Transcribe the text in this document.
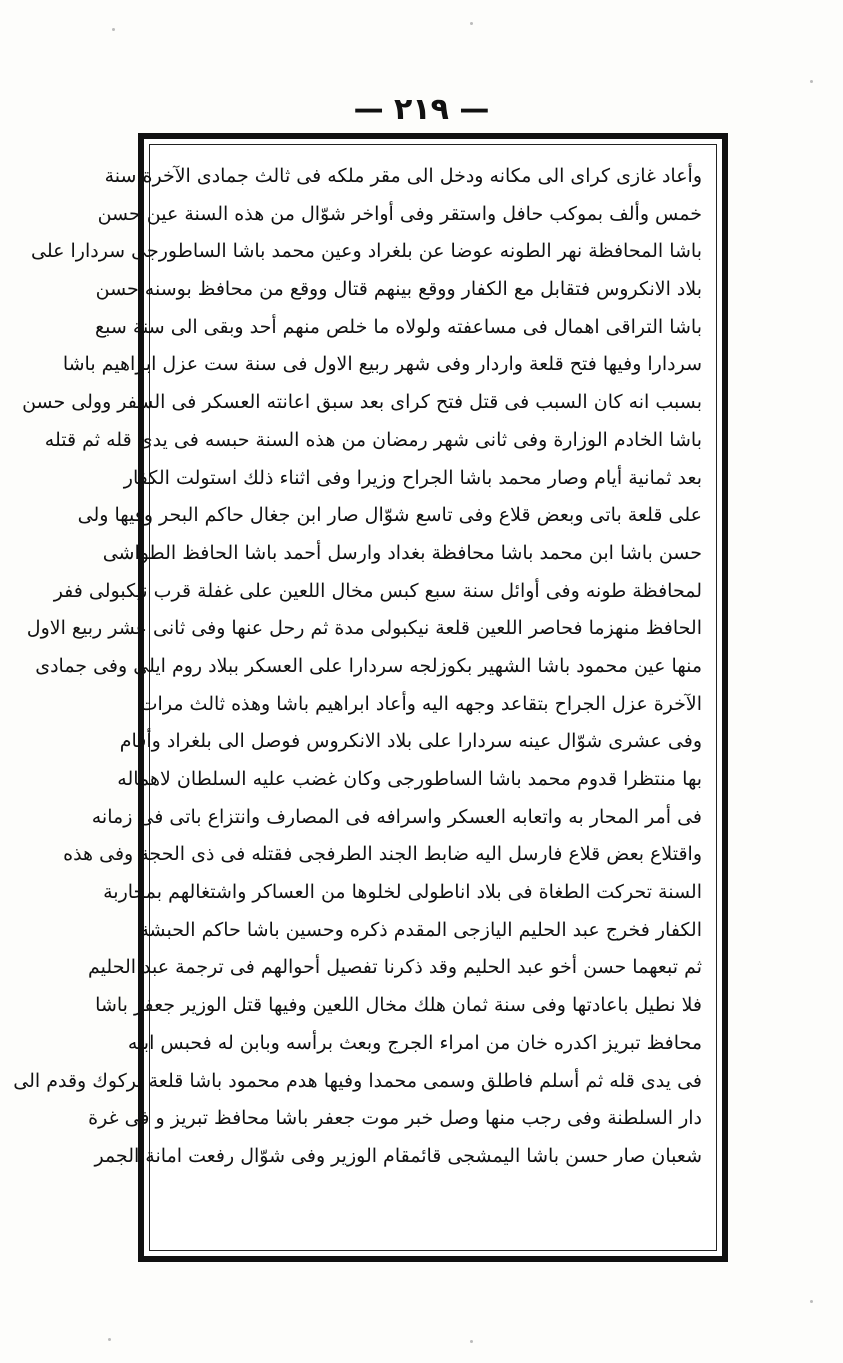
— ٢١٩ —
وأعاد غازى كراى الى مكانه ودخل الى مقر ملكه فى ثالث جمادى الآخرة سنة
خمس وألف بموكب حافل واستقر وفى أواخر شوّال من هذه السنة عين حسن
باشا المحافظة نهر الطونه عوضا عن بلغراد وعين محمد باشا الساطورجى سردارا على
بلاد الانكروس فتقابل مع الكفار ووقع بينهم قتال ووقع من محافظ بوسنه حسن
باشا التراقى اهمال فى مساعفته ولولاه ما خلص منهم أحد وبقى الى سنة سبع
سردارا وفيها فتح قلعة واردار وفى شهر ربيع الاول فى سنة ست عزل ابراهيم باشا
بسبب انه كان السبب فى قتل فتح كراى بعد سبق اعانته العسكر فى السفر وولى حسن
باشا الخادم الوزارة وفى ثانى شهر رمضان من هذه السنة حبسه فى يدى قله ثم قتله
بعد ثمانية أيام وصار محمد باشا الجراح وزيرا وفى اثناء ذلك استولت الكفار
على قلعة باتى وبعض قلاع وفى تاسع شوّال صار ابن جغال حاكم البحر وفيها ولى
حسن باشا ابن محمد باشا محافظة بغداد وارسل أحمد باشا الحافظ الطواشى
لمحافظة طونه وفى أوائل سنة سبع كبس مخال اللعين على غفلة قرب نيكبولى ففر
الحافظ منهزما فحاصر اللعين قلعة نيكبولى مدة ثم رحل عنها وفى ثانى عشر ربيع الاول
منها عين محمود باشا الشهير بكوزلجه سردارا على العسكر ببلاد روم ايلى وفى جمادى
الآخرة عزل الجراح بتقاعد وجهه اليه وأعاد ابراهيم باشا وهذه ثالث مرات
وفى عشرى شوّال عينه سردارا على بلاد الانكروس فوصل الى بلغراد وأقام
بها منتظرا قدوم محمد باشا الساطورجى وكان غضب عليه السلطان لاهماله
فى أمر المحار به واتعابه العسكر واسرافه فى المصارف وانتزاع باتى فى زمانه
واقتلاع بعض قلاع فارسل اليه ضابط الجند الطرفجى فقتله فى ذى الحجة وفى هذه
السنة تحركت الطغاة فى بلاد اناطولى لخلوها من العساكر واشتغالهم بمحاربة
الكفار فخرج عبد الحليم اليازجى المقدم ذكره وحسين باشا حاكم الحبشة
ثم تبعهما حسن أخو عبد الحليم وقد ذكرنا تفصيل أحوالهم فى ترجمة عبد الحليم
فلا نطيل باعادتها وفى سنة ثمان هلك مخال اللعين وفيها قتل الوزير جعفر باشا
محافظ تبريز اكدره خان من امراء الجرج وبعث برأسه وبابن له فحبس ابنه
فى يدى قله ثم أسلم فاطلق وسمى محمدا وفيها هدم محمود باشا قلعة يركوك وقدم الى
دار السلطنة وفى رجب منها وصل خبر موت جعفر باشا محافظ تبريز و فى غرة
شعبان صار حسن باشا اليمشجى قائمقام الوزير وفى شوّال رفعت امانة الجمر
